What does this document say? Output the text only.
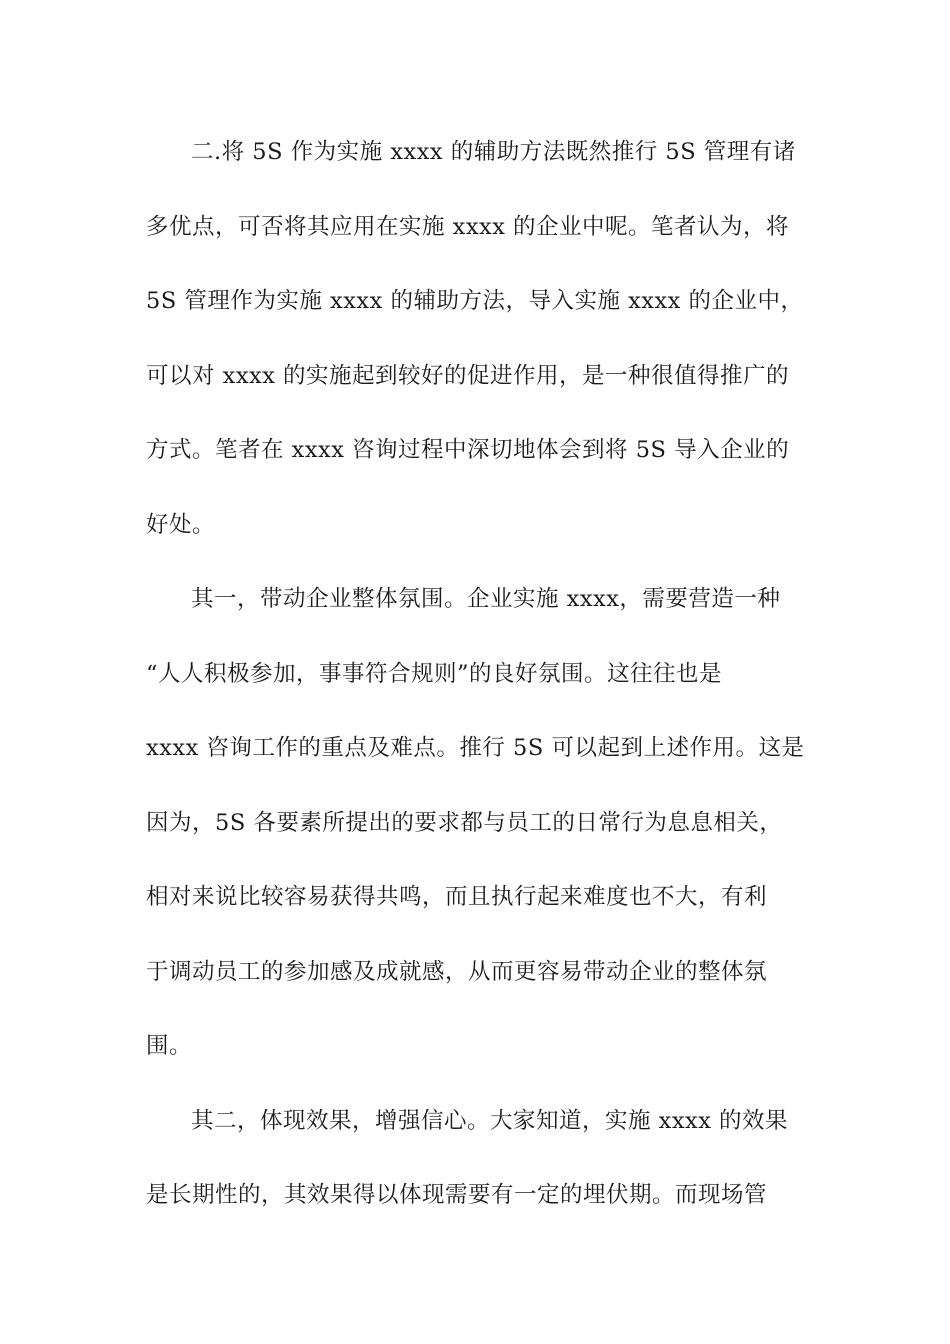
二.将 5S 作为实施 xxxx 的辅助方法既然推行 5S 管理有诸
多优点，可否将其应用在实施 xxxx 的企业中呢。笔者认为，将
5S 管理作为实施 xxxx 的辅助方法，导入实施 xxxx 的企业中，
可以对 xxxx 的实施起到较好的促进作用，是一种很值得推广的
方式。笔者在 xxxx 咨询过程中深切地体会到将 5S 导入企业的
好处。
其一，带动企业整体氛围。企业实施 xxxx，需要营造一种
“人人积极参加，事事符合规则”的良好氛围。这往往也是
xxxx 咨询工作的重点及难点。推行 5S 可以起到上述作用。这是
因为，5S 各要素所提出的要求都与员工的日常行为息息相关，
相对来说比较容易获得共鸣，而且执行起来难度也不大，有利
于调动员工的参加感及成就感，从而更容易带动企业的整体氛
围。
其二，体现效果，增强信心。大家知道，实施 xxxx 的效果
是长期性的，其效果得以体现需要有一定的埋伏期。而现场管
